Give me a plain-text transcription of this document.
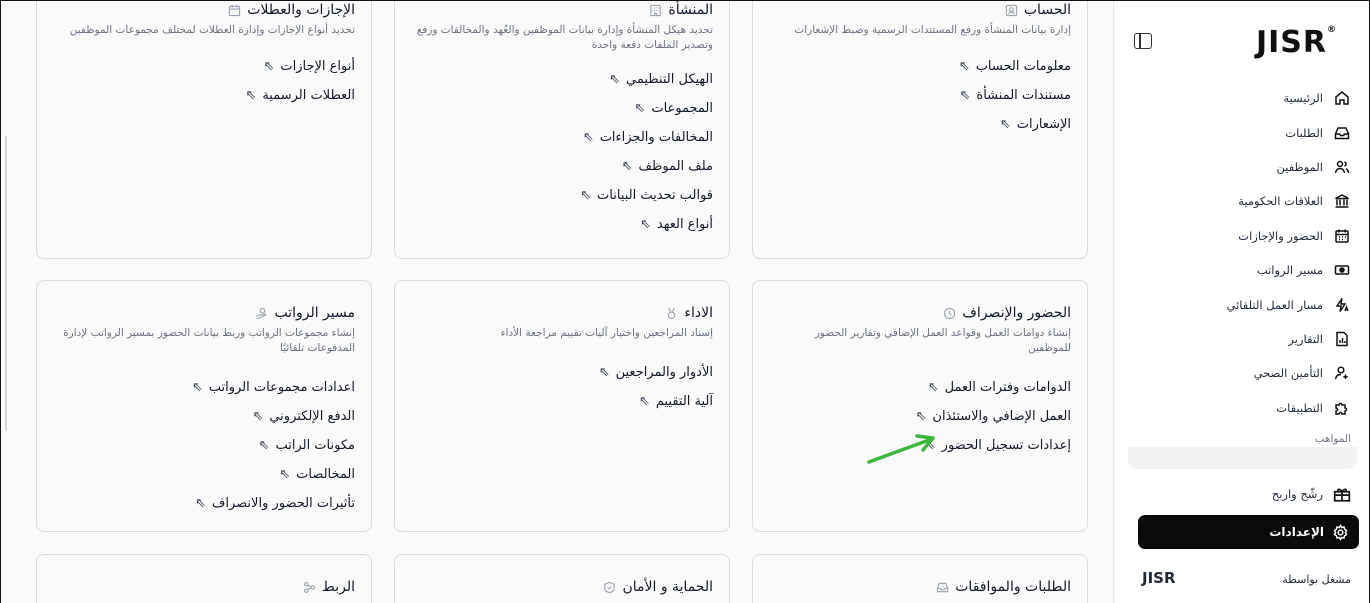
الحساب
إدارة بيانات المنشأة ورفع المستندات الرسمية وضبط الإشعارات
معلومات الحساب
⇖
مستندات المنشأة
⇖
الإشعارات
⇖
المنشأة
تحديد هيكل المنشأة وإدارة بيانات الموظفين والعُهد والمخالفات ورفع وتصدير الملفات دفعة واحدة
الهيكل التنظيمي
⇖
المجموعات
⇖
المخالفات والجزاءات
⇖
ملف الموظف
⇖
قوالب تحديث البيانات
⇖
أنواع العهد
⇖
الإجازات والعطلات
تحديد أنواع الإجازات وإدارة العطلات لمختلف مجموعات الموظفين
أنواع الإجازات
⇖
العطلات الرسمية
⇖
الحضور والإنصراف
إنشاء دوامات العمل وقواعد العمل الإضافي وتقارير الحضور للموظفين
الدوامات وفترات العمل
⇖
العمل الإضافي والاستئذان
⇖
إعدادات تسجيل الحضور
⇖
الاداء
إسناد المراجعين واختيار آليات تقييم مراجعة الأداء
الأدوار والمراجعين
⇖
آلية التقييم
⇖
مسير الرواتب
إنشاء مجموعات الرواتب وربط بيانات الحضور بمسير الرواتب لإدارة المدفوعات تلقائيًا
اعدادات مجموعات الرواتب
⇖
الدفع الإلكتروني
⇖
مكونات الراتب
⇖
المخالصات
⇖
تأثيرات الحضور والانصراف
⇖
الطلبات والموافقات
الحماية و الأمان
الربط
JISR®
الرئيسية
الطلبات
الموظفين
العلاقات الحكومية
الحضور والإجازات
مسير الرواتب
مسار العمل التلقائي
التقارير
التأمين الصحي
التطبيقات
المواهب
رشّح واربح
الإعدادات
مشغل بواسطة
JISR
